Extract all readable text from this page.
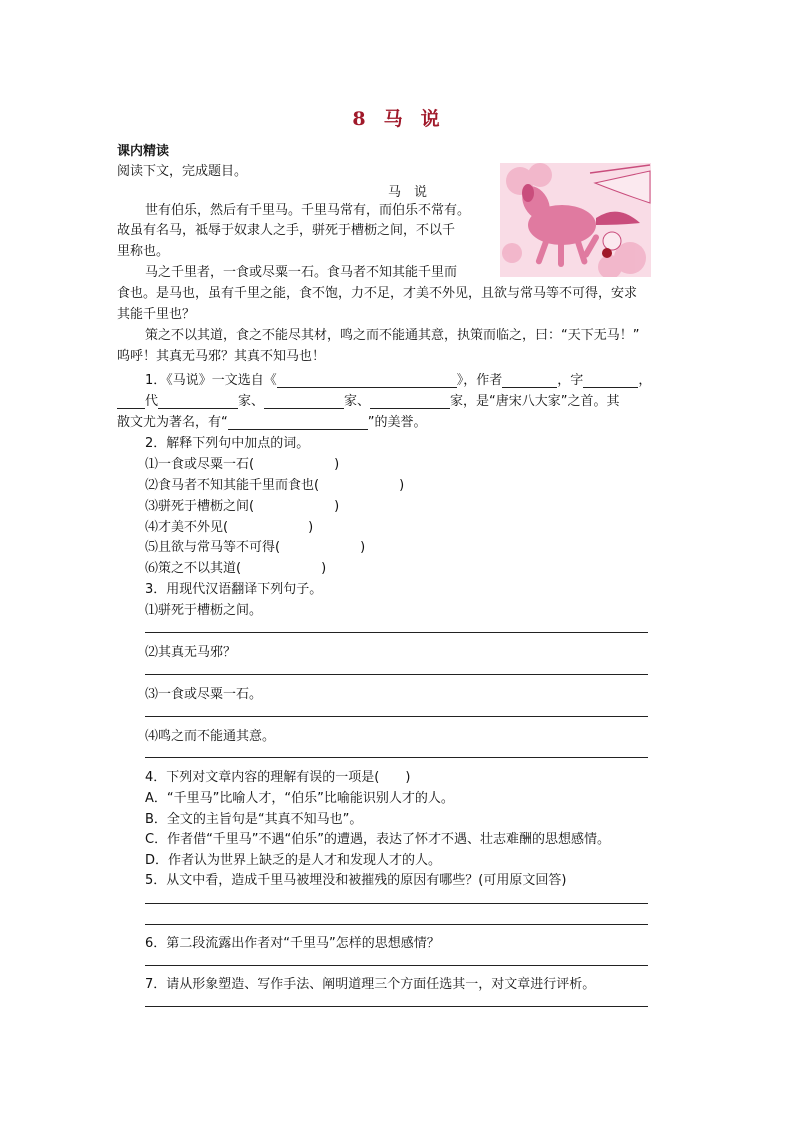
8 马 说
课内精读
阅读下文，完成题目。
马　说
世有伯乐，然后有千里马。千里马常有，而伯乐不常有。
故虽有名马，祗辱于奴隶人之手，骈死于槽枥之间，不以千
里称也。
马之千里者，一食或尽粟一石。食马者不知其能千里而
食也。是马也，虽有千里之能，食不饱，力不足，才美不外见，且欲与常马等不可得，安求
其能千里也？
策之不以其道，食之不能尽其材，鸣之而不能通其意，执策而临之，曰：“天下无马！”
呜呼！其真无马邪？其真不知马也！
1．《马说》一文选自《	》，作者	，字	，
代	家、	家、	家，是“唐宋八大家”之首。其
散文尤为著名，有“	”的美誉。
2．解释下列句中加点的词。
⑴一食或尽粟一石(	)
⑵食马者不知其能千里而食也(	)
⑶骈死于槽枥之间(	)
⑷才美不外见(	)
⑸且欲与常马等不可得(	)
⑹策之不以其道(	)
3．用现代汉语翻译下列句子。
⑴骈死于槽枥之间。
⑵其真无马邪？
⑶一食或尽粟一石。
⑷鸣之而不能通其意。
4．下列对文章内容的理解有误的一项是(　　)
A．“千里马”比喻人才，“伯乐”比喻能识别人才的人。
B．全文的主旨句是“其真不知马也”。
C．作者借“千里马”不遇“伯乐”的遭遇，表达了怀才不遇、壮志难酬的思想感情。
D．作者认为世界上缺乏的是人才和发现人才的人。
5．从文中看，造成千里马被埋没和被摧残的原因有哪些？(可用原文回答)
6．第二段流露出作者对“千里马”怎样的思想感情？
7．请从形象塑造、写作手法、阐明道理三个方面任选其一，对文章进行评析。
